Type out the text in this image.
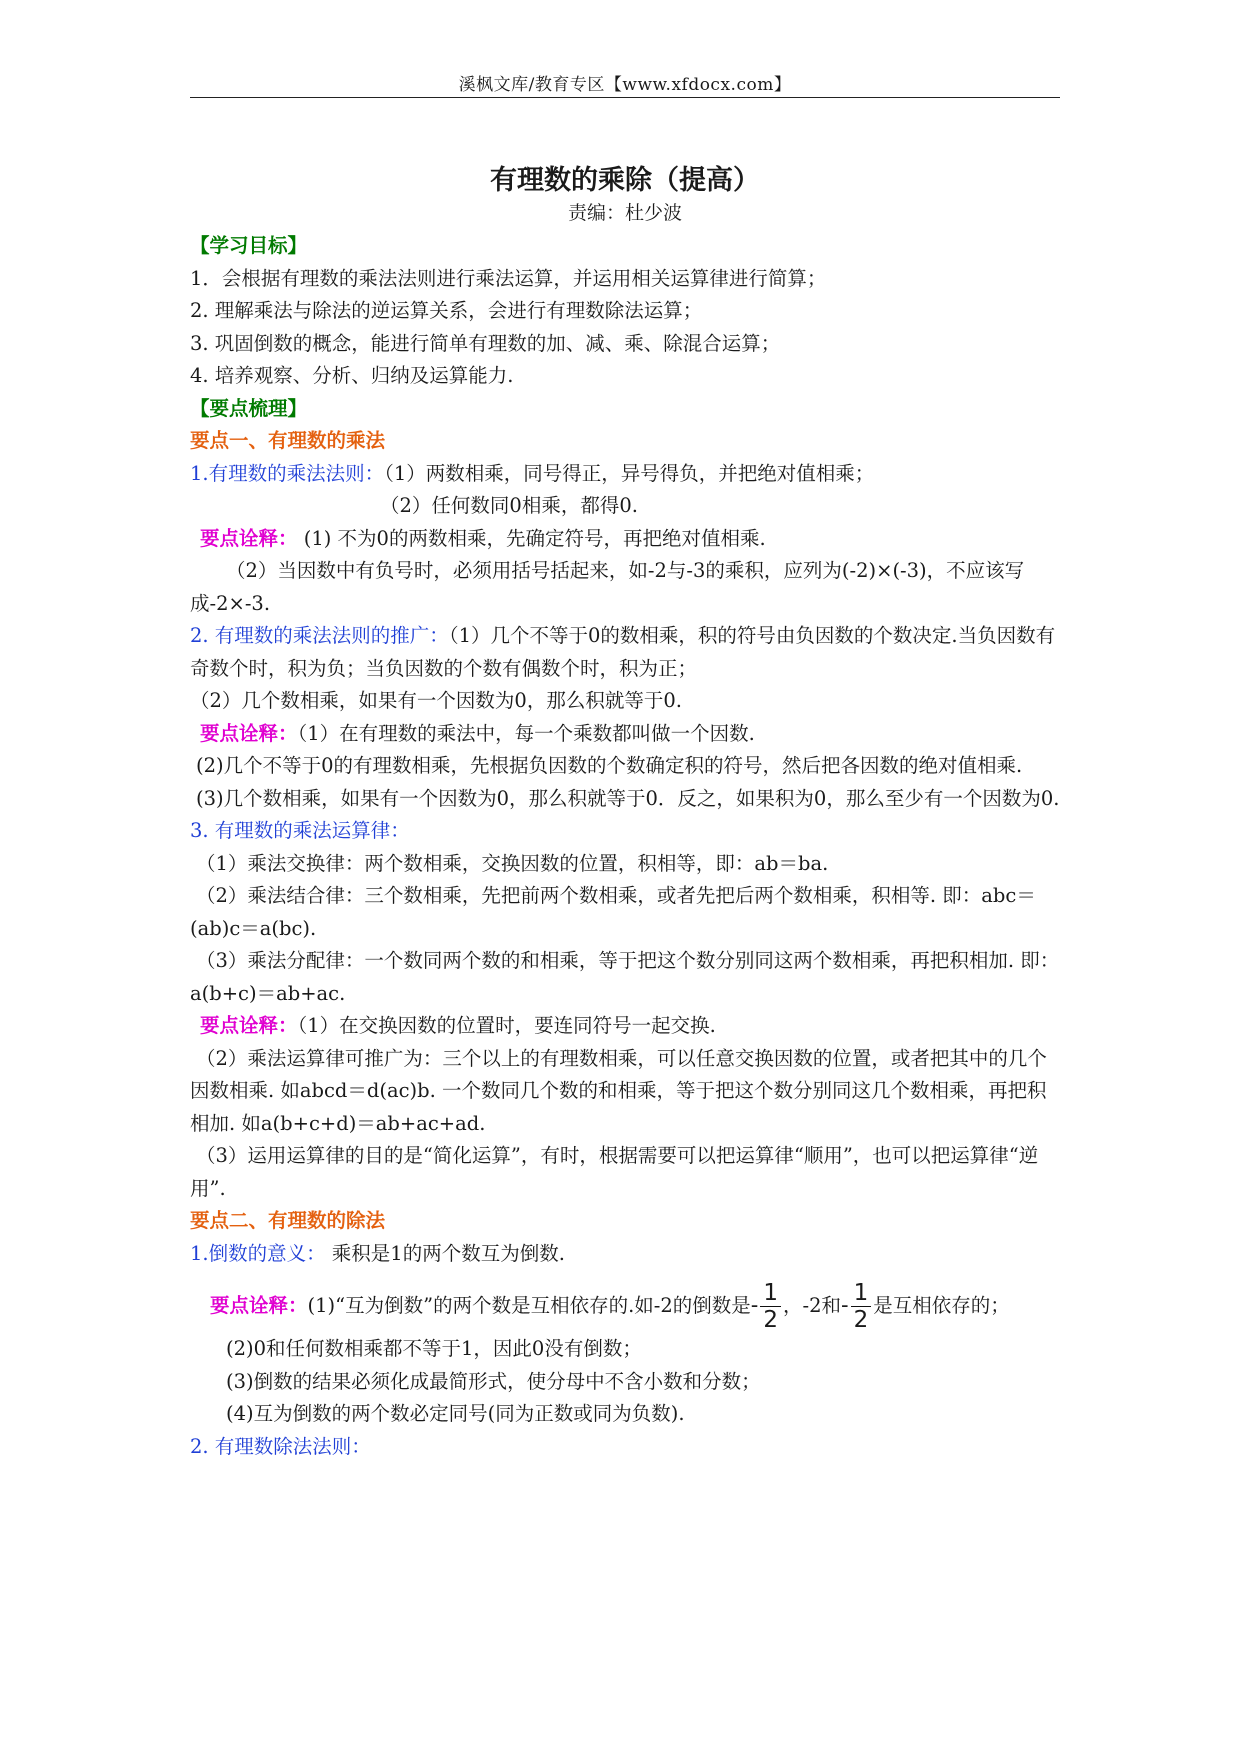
溪枫文库/教育专区【www.xfdocx.com】
有理数的乘除（提高）
责编：杜少波
【学习目标】
1．会根据有理数的乘法法则进行乘法运算，并运用相关运算律进行简算；
2. 理解乘法与除法的逆运算关系，会进行有理数除法运算；
3. 巩固倒数的概念，能进行简单有理数的加、减、乘、除混合运算；
4. 培养观察、分析、归纳及运算能力.
【要点梳理】
要点一、有理数的乘法
1.有理数的乘法法则：（1）两数相乘，同号得正，异号得负，并把绝对值相乘；
（2）任何数同0相乘，都得0.
要点诠释： (1) 不为0的两数相乘，先确定符号，再把绝对值相乘.
（2）当因数中有负号时，必须用括号括起来，如-2与-3的乘积，应列为(-2)×(-3)，不应该写成-2×-3.
2. 有理数的乘法法则的推广：（1）几个不等于0的数相乘，积的符号由负因数的个数决定.当负因数有奇数个时，积为负；当负因数的个数有偶数个时，积为正；
（2）几个数相乘，如果有一个因数为0，那么积就等于0.
要点诠释：（1）在有理数的乘法中，每一个乘数都叫做一个因数.
(2)几个不等于0的有理数相乘，先根据负因数的个数确定积的符号，然后把各因数的绝对值相乘.
(3)几个数相乘，如果有一个因数为0，那么积就等于0．反之，如果积为0，那么至少有一个因数为0.
3. 有理数的乘法运算律：
（1）乘法交换律：两个数相乘，交换因数的位置，积相等，即：ab＝ba.
（2）乘法结合律：三个数相乘，先把前两个数相乘，或者先把后两个数相乘，积相等. 即：abc＝(ab)c＝a(bc).
（3）乘法分配律：一个数同两个数的和相乘，等于把这个数分别同这两个数相乘，再把积相加. 即：a(b+c)＝ab+ac.
要点诠释：（1）在交换因数的位置时，要连同符号一起交换.
（2）乘法运算律可推广为：三个以上的有理数相乘，可以任意交换因数的位置，或者把其中的几个因数相乘. 如abcd＝d(ac)b. 一个数同几个数的和相乘，等于把这个数分别同这几个数相乘，再把积相加. 如a(b+c+d)＝ab+ac+ad.
（3）运用运算律的目的是“简化运算”，有时，根据需要可以把运算律“顺用”，也可以把运算律“逆用”.
要点二、有理数的除法
1.倒数的意义： 乘积是1的两个数互为倒数.
要点诠释：(1)“互为倒数”的两个数是互相依存的.如-2的倒数是- $\frac{1}{2}$ ，-2和- $\frac{1}{2}$ 是互相依存的；
(2)0和任何数相乘都不等于1，因此0没有倒数；
(3)倒数的结果必须化成最简形式，使分母中不含小数和分数；
(4)互为倒数的两个数必定同号(同为正数或同为负数).
2. 有理数除法法则：
